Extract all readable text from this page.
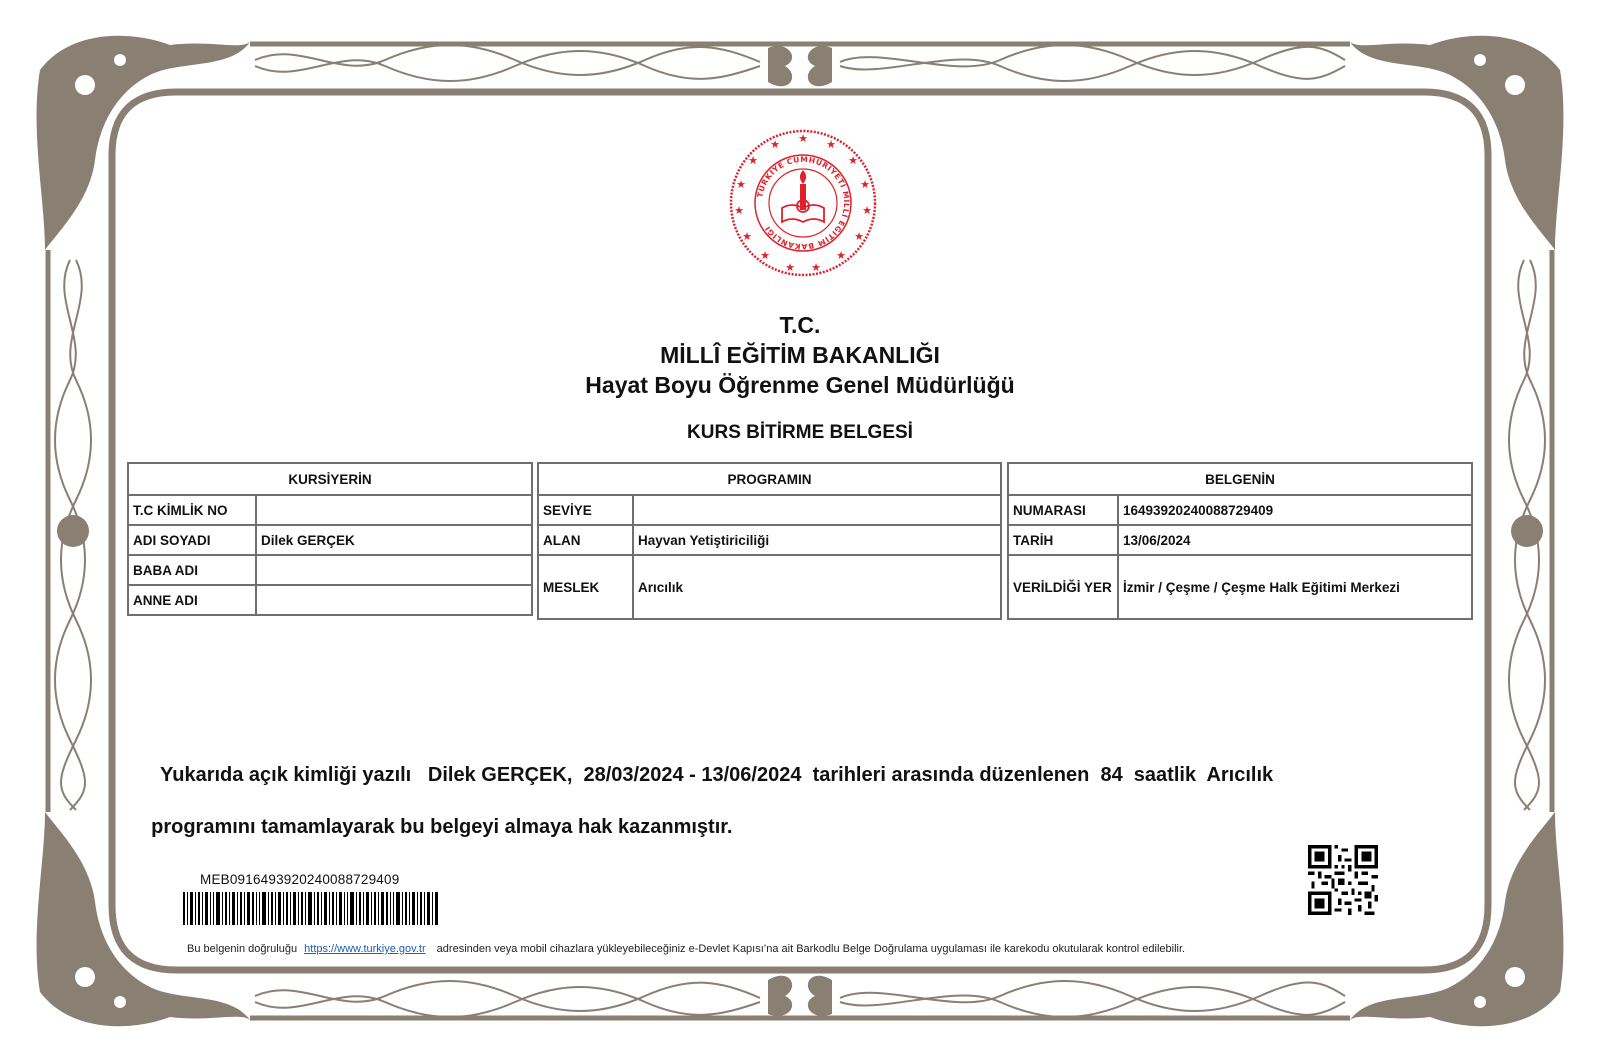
★ ★
★
★
★
★
★
★
★
★
★
★
★
★
★
TÜRKİYE CUMHURİYETİ MİLLÎ EĞİTİM BAKANLIĞI
T.C.
MİLLÎ EĞİTİM BAKANLIĞI
Hayat Boyu Öğrenme Genel Müdürlüğü
KURS BİTİRME BELGESİ
KURSİYERİN	
T.C KİMLİK NO	
ADI SOYADI	Dilek GERÇEK
BABA ADI	
ANNE ADI	
PROGRAMIN	
SEVİYE	
ALAN	Hayvan Yetiştiriciliği
MESLEK	Arıcılık
BELGENİN	
NUMARASI	16493920240088729409
TARİH	13/06/2024
VERİLDİĞİ YER	İzmir / Çeşme / Çeşme Halk Eğitimi Merkezi

Yukarıda açık kimliği yazılı   Dilek GERÇEK,  28/03/2024 - 13/06/2024  tarihleri arasında düzenlenen  84  saatlik  Arıcılık

programını tamamlayarak bu belgeyi almaya hak kazanmıştır.

MEB0916493920240088729409
Bu belgenin doğruluğu https://www.turkiye.gov.tr adresinden veya mobil cihazlara yükleyebileceğiniz e-Devlet Kapısı’na ait Barkodlu Belge Doğrulama uygulaması ile karekodu okutularak kontrol edilebilir.
